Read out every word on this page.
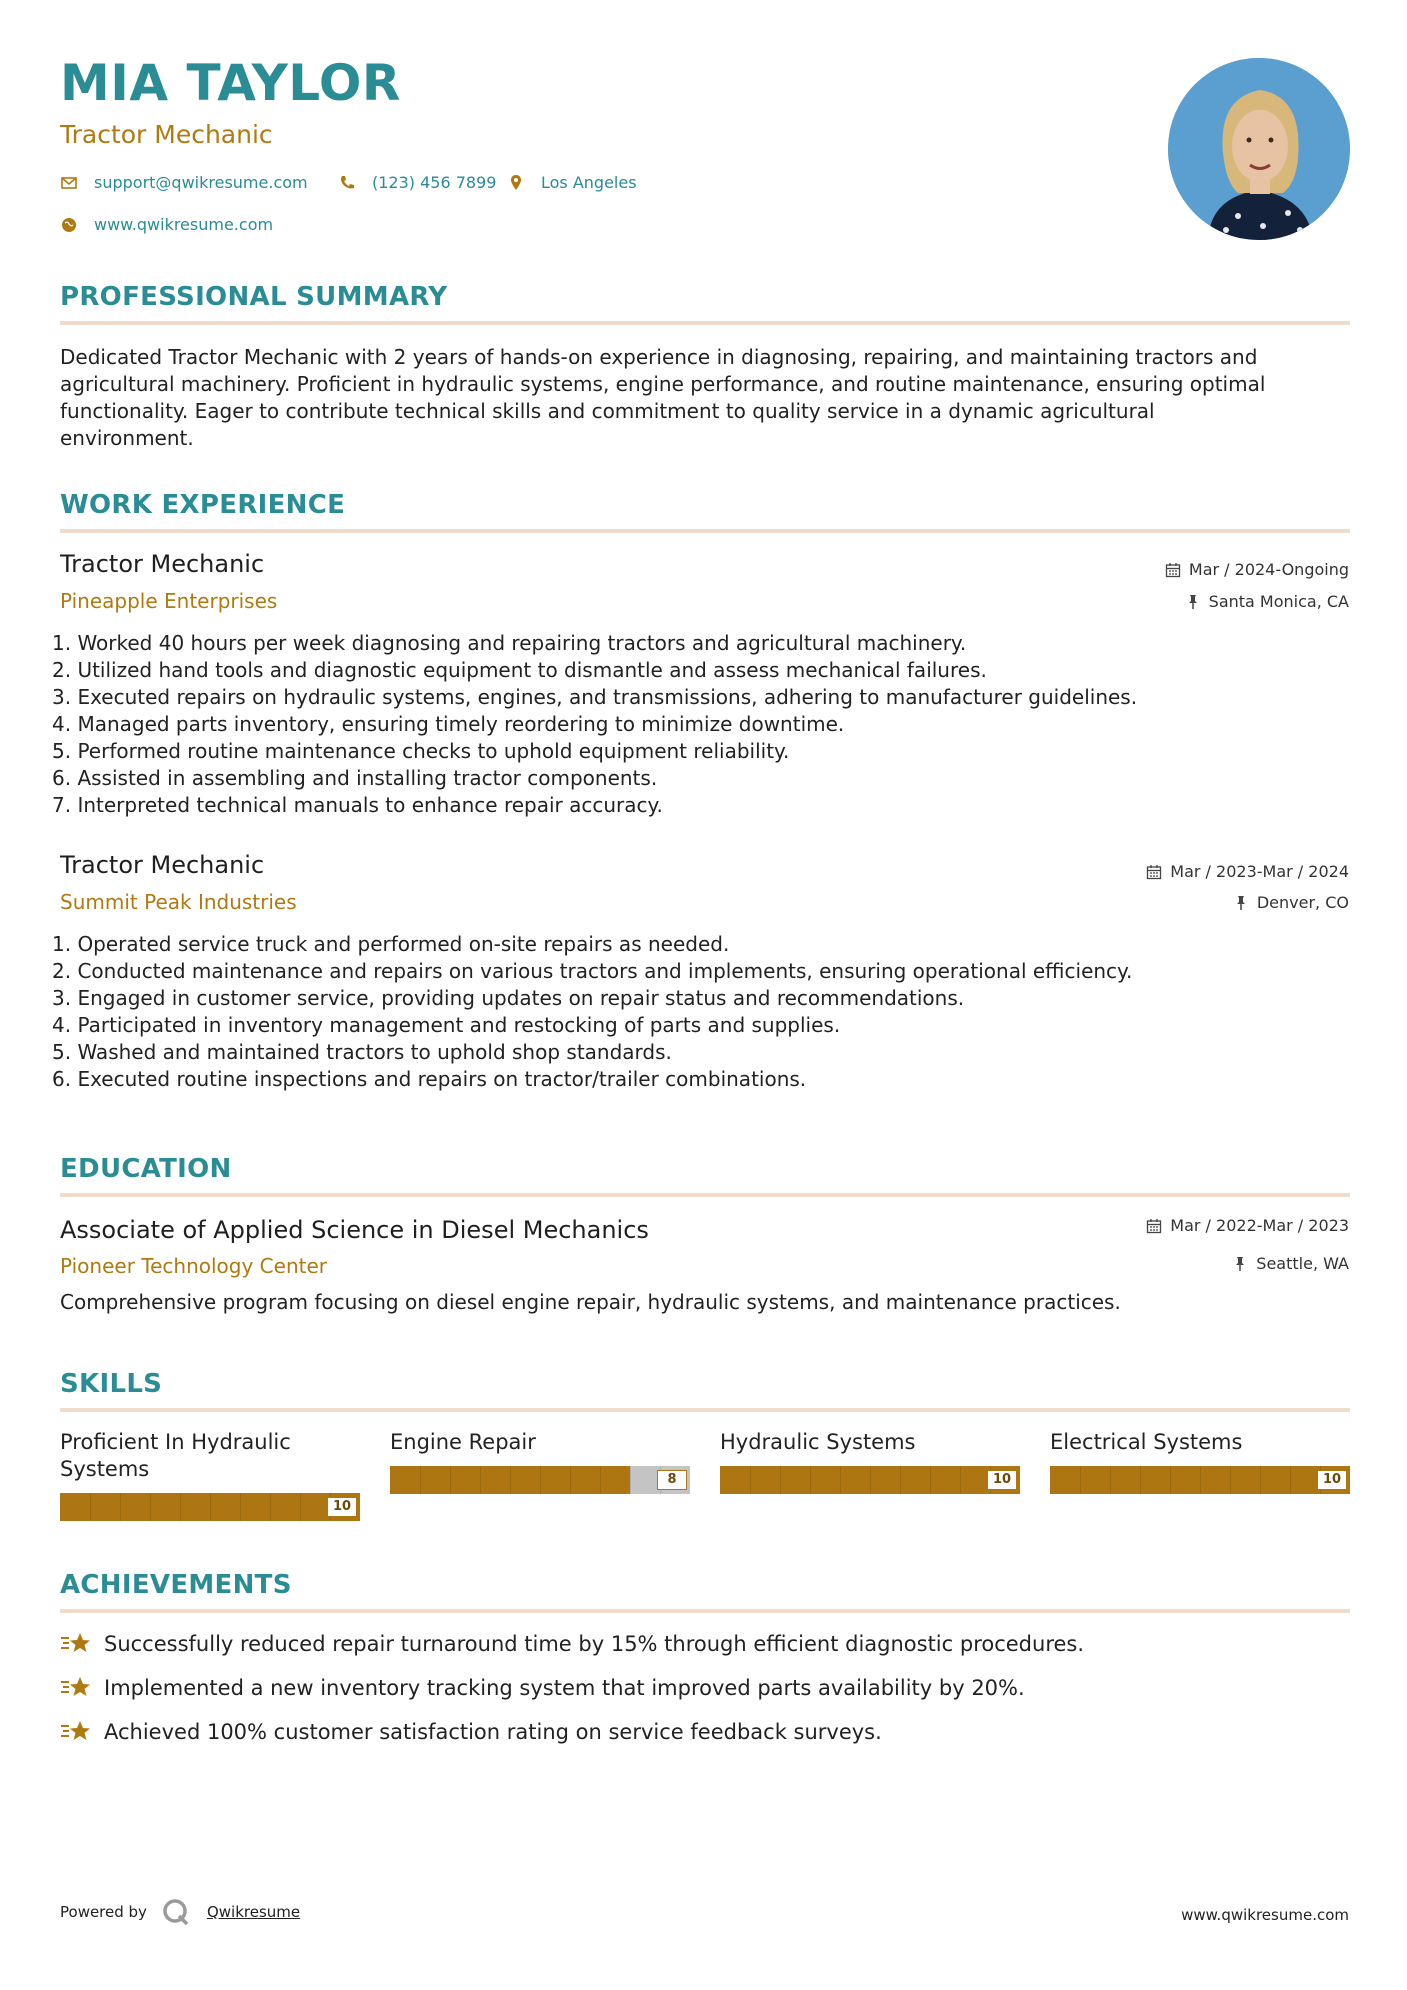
MIA TAYLOR
Tractor Mechanic
support@qwikresume.com	(123) 456 7899	Los Angeles
www.qwikresume.com
PROFESSIONAL SUMMARY
Dedicated Tractor Mechanic with 2 years of hands-on experience in diagnosing, repairing, and maintaining tractors and
agricultural machinery. Proficient in hydraulic systems, engine performance, and routine maintenance, ensuring optimal
functionality. Eager to contribute technical skills and commitment to quality service in a dynamic agricultural
environment.
WORK EXPERIENCE
Tractor Mechanic
Pineapple Enterprises
Mar / 2024-Ongoing
Santa Monica, CA
1. Worked 40 hours per week diagnosing and repairing tractors and agricultural machinery.
2. Utilized hand tools and diagnostic equipment to dismantle and assess mechanical failures.
3. Executed repairs on hydraulic systems, engines, and transmissions, adhering to manufacturer guidelines.
4. Managed parts inventory, ensuring timely reordering to minimize downtime.
5. Performed routine maintenance checks to uphold equipment reliability.
6. Assisted in assembling and installing tractor components.
7. Interpreted technical manuals to enhance repair accuracy.
Tractor Mechanic
Summit Peak Industries
Mar / 2023-Mar / 2024
Denver, CO
1. Operated service truck and performed on-site repairs as needed.
2. Conducted maintenance and repairs on various tractors and implements, ensuring operational efficiency.
3. Engaged in customer service, providing updates on repair status and recommendations.
4. Participated in inventory management and restocking of parts and supplies.
5. Washed and maintained tractors to uphold shop standards.
6. Executed routine inspections and repairs on tractor/trailer combinations.
EDUCATION
Associate of Applied Science in Diesel Mechanics
Pioneer Technology Center
Mar / 2022-Mar / 2023
Seattle, WA
Comprehensive program focusing on diesel engine repair, hydraulic systems, and maintenance practices.
SKILLS
Proficient In Hydraulic
Systems
10
Engine Repair
8
Hydraulic Systems
10
Electrical Systems
10
ACHIEVEMENTS
Successfully reduced repair turnaround time by 15% through efficient diagnostic procedures.
Implemented a new inventory tracking system that improved parts availability by 20%.
Achieved 100% customer satisfaction rating on service feedback surveys.
Powered by	Qwikresume	www.qwikresume.com
